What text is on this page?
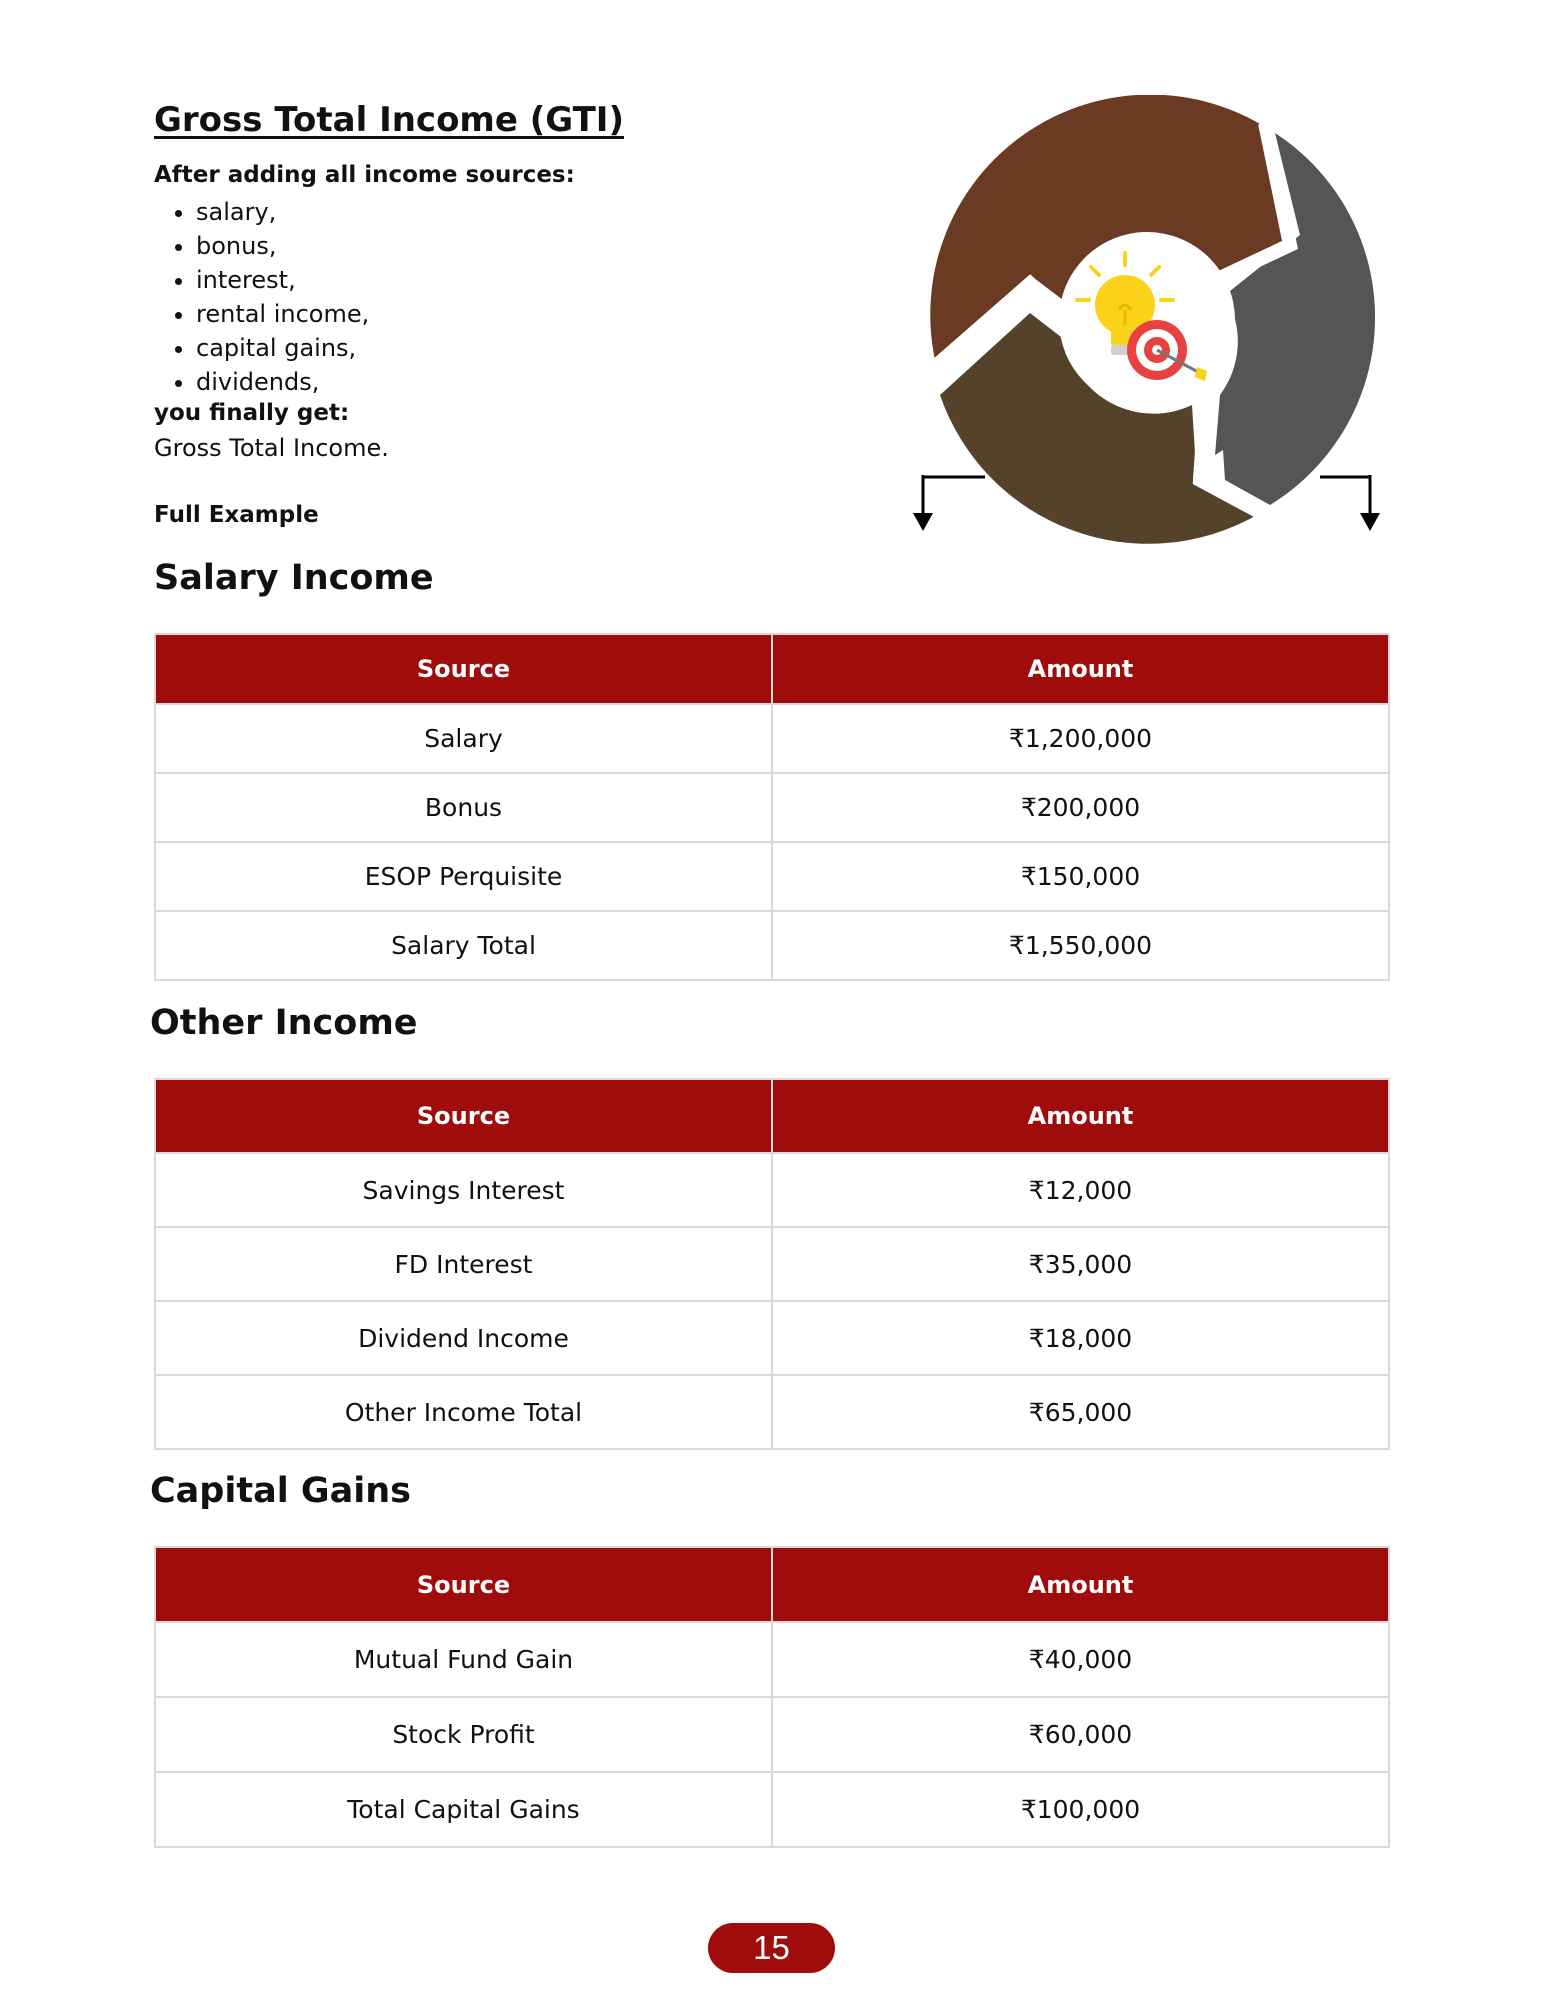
Gross Total Income (GTI)

After adding all income sources:

• salary,
• bonus,
• interest,
• rental income,
• capital gains,
• dividends,

you finally get:

Gross Total Income.

Full Example

Salary Income
Source	Amount
Salary	₹1,200,000
Bonus	₹200,000
ESOP Perquisite	₹150,000
Salary Total	₹1,550,000
Other Income
Source	Amount
Savings Interest	₹12,000
FD Interest	₹35,000
Dividend Income	₹18,000
Other Income Total	₹65,000
Capital Gains
Source	Amount
Mutual Fund Gain	₹40,000
Stock Profit	₹60,000
Total Capital Gains	₹100,000
15
